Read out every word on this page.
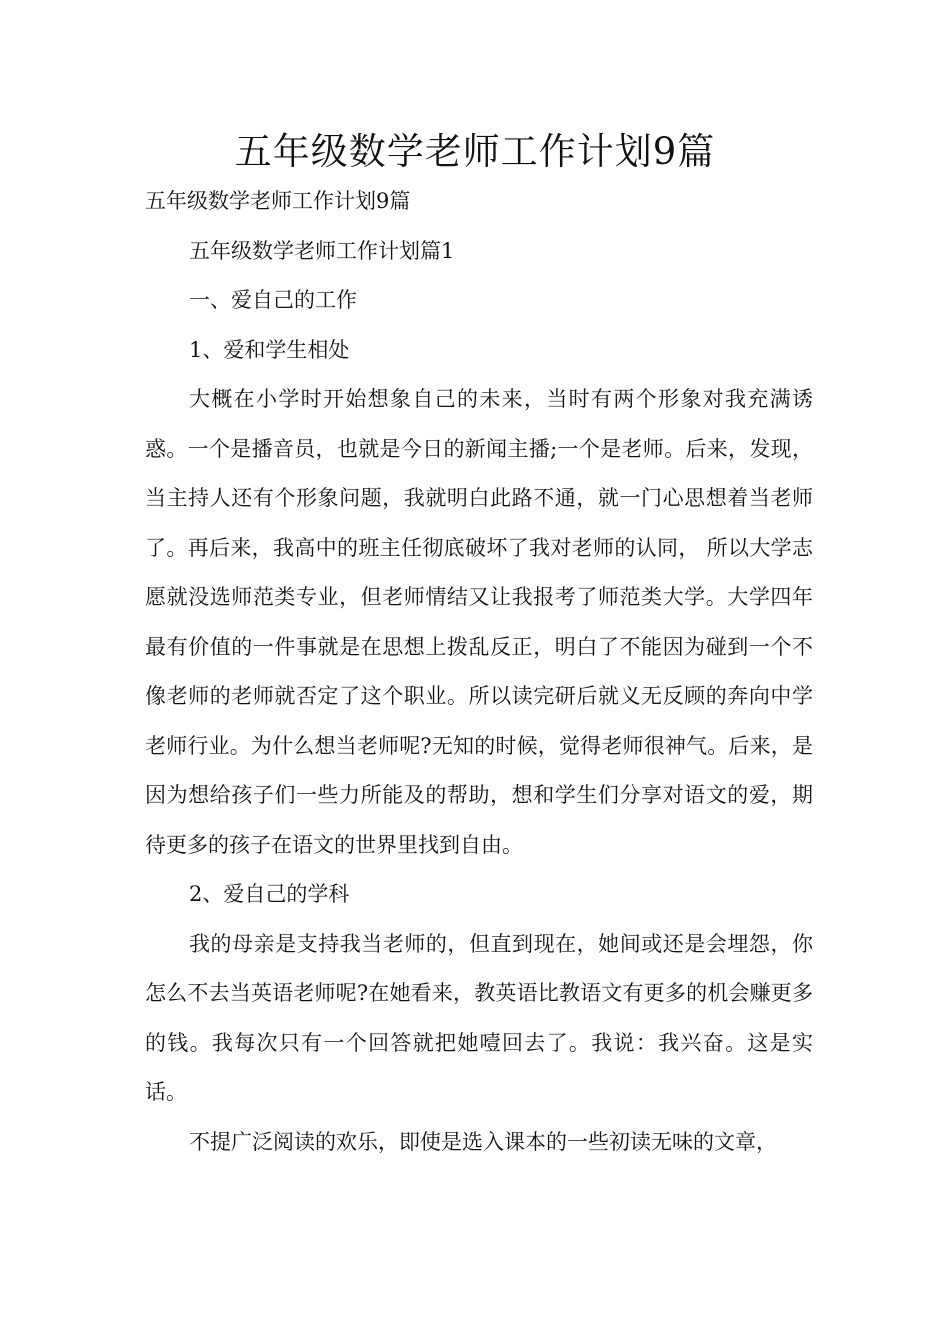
五年级数学老师工作计划9篇

五年级数学老师工作计划9篇

五年级数学老师工作计划篇1

一、爱自己的工作

1、爱和学生相处

大概在小学时开始想象自己的未来，当时有两个形象对我充满诱惑。一个是播音员，也就是今日的新闻主播;一个是老师。后来，发现，当主持人还有个形象问题，我就明白此路不通，就一门心思想着当老师了。再后来，我高中的班主任彻底破坏了我对老师的认同， 所以大学志愿就没选师范类专业，但老师情结又让我报考了师范类大学。大学四年最有价值的一件事就是在思想上拨乱反正，明白了不能因为碰到一个不像老师的老师就否定了这个职业。所以读完研后就义无反顾的奔向中学老师行业。为什么想当老师呢?无知的时候，觉得老师很神气。后来，是因为想给孩子们一些力所能及的帮助，想和学生们分享对语文的爱，期待更多的孩子在语文的世界里找到自由。

2、爱自己的学科

我的母亲是支持我当老师的，但直到现在，她间或还是会埋怨，你怎么不去当英语老师呢?在她看来，教英语比教语文有更多的机会赚更多的钱。我每次只有一个回答就把她噎回去了。我说：我兴奋。这是实话。

不提广泛阅读的欢乐，即使是选入课本的一些初读无味的文章，
